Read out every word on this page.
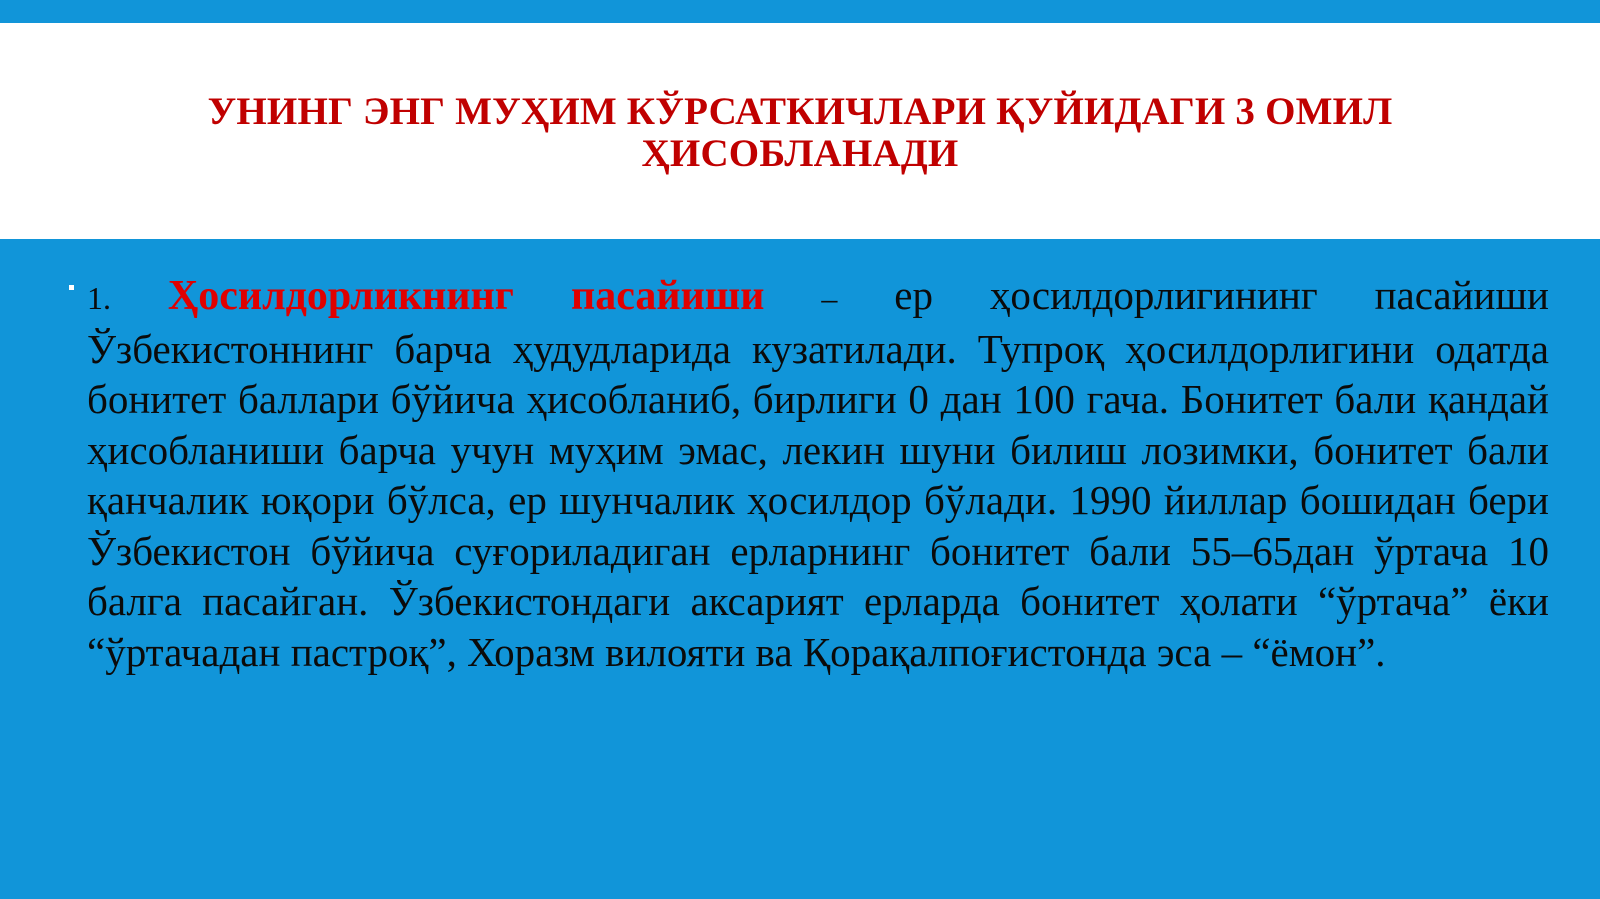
УНИНГ ЭНГ МУҲИМ КЎРСАТКИЧЛАРИ ҚУЙИДАГИ 3 ОМИЛ ҲИСОБЛАНАДИ

1. Ҳосилдорликнинг пасайиши – ер ҳосилдорлигининг пасайиши Ўзбекистоннинг барча ҳудудларида кузатилади. Тупроқ ҳосилдорлигини одатда бонитет баллари бўйича ҳисобланиб, бирлиги 0 дан 100 гача. Бонитет бали қандай ҳисобланиши барча учун муҳим эмас, лекин шуни билиш лозимки, бонитет бали қанчалик юқори бўлса, ер шунчалик ҳосилдор бўлади. 1990 йиллар бошидан бери Ўзбекистон бўйича суғориладиган ерларнинг бонитет бали 55–65дан ўртача 10 балга пасайган. Ўзбекистондаги аксарият ерларда бонитет ҳолати “ўртача” ёки “ўртачадан пастроқ”, Хоразм вилояти ва Қорақалпоғистонда эса – “ёмон”.
